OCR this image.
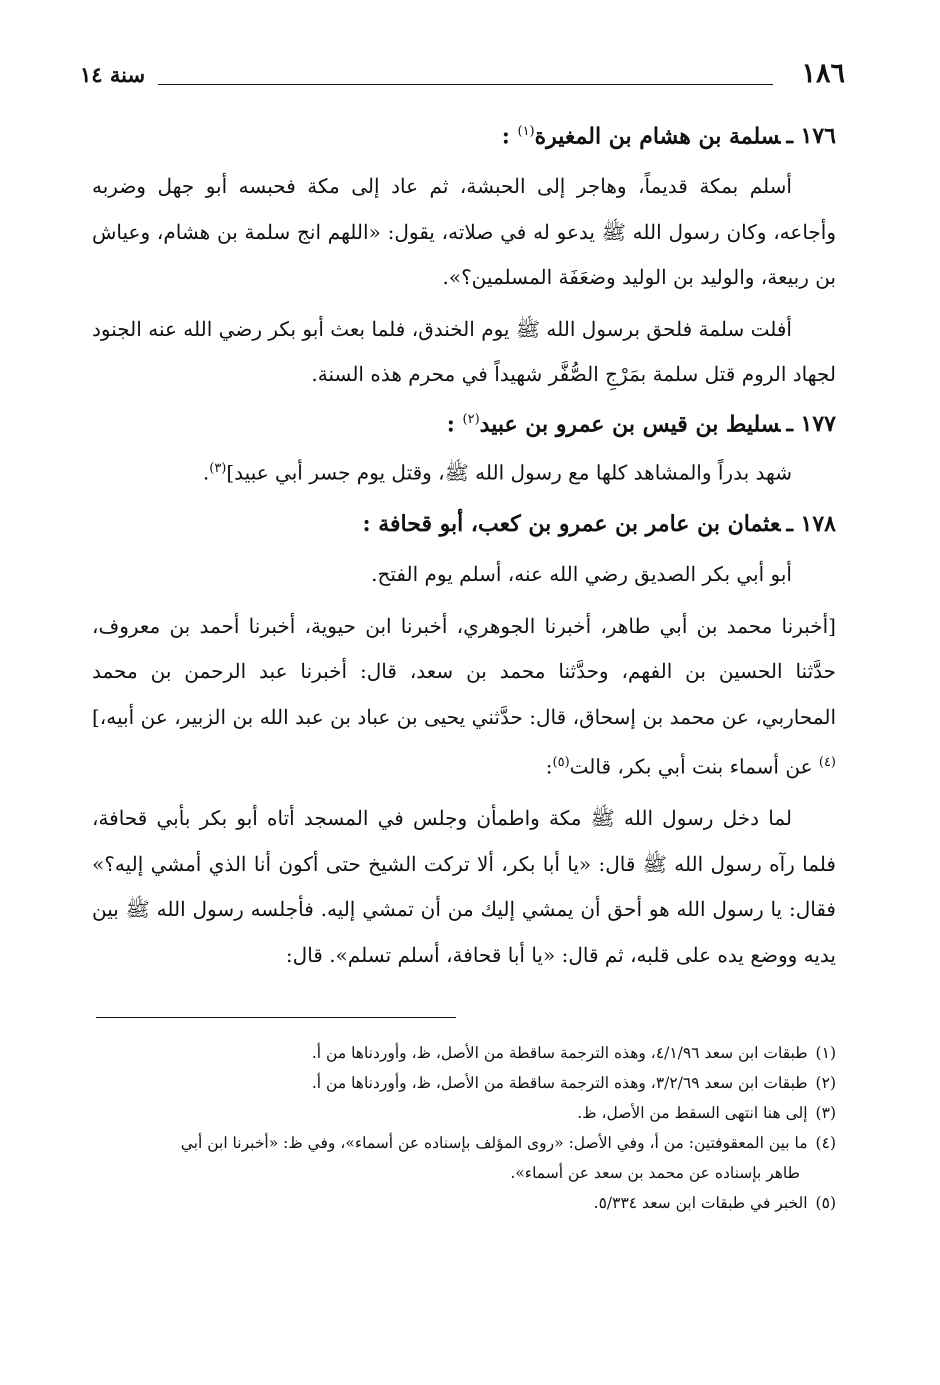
١٨٦
سنة ١٤

١٧٦ ـسلمة بن هشام بن المغيرة$^{(١)}$ :

أسلم بمكة قديماً، وهاجر إلى الحبشة، ثم عاد إلى مكة فحبسه أبو جهل وضربه وأجاعه، وكان رسول الله ﷺ يدعو له في صلاته، يقول: «اللهم انج سلمة بن هشام، وعياش بن ربيعة، والوليد بن الوليد وضعَفَة المسلمين؟».

أفلت سلمة فلحق برسول الله ﷺ يوم الخندق، فلما بعث أبو بكر رضي الله عنه الجنود لجهاد الروم قتل سلمة بمَرْجِ الصُّفَّر شهيداً في محرم هذه السنة.

١٧٧ ـسليط بن قيس بن عمرو بن عبيد$^{(٢)}$ :

شهد بدراً والمشاهد كلها مع رسول الله ﷺ، وقتل يوم جسر أبي عبيد]$^{(٣)}$.

١٧٨ ـعثمان بن عامر بن عمرو بن كعب، أبو قحافة :

أبو أبي بكر الصديق رضي الله عنه، أسلم يوم الفتح.

[أخبرنا محمد بن أبي طاهر، أخبرنا الجوهري، أخبرنا ابن حيوية، أخبرنا أحمد بن معروف، حدَّثنا الحسين بن الفهم، وحدَّثنا محمد بن سعد، قال: أخبرنا عبد الرحمن بن محمد المحاربي، عن محمد بن إسحاق، قال: حدَّثني يحيى بن عباد بن عبد الله بن الزبير، عن أبيه،]$^{(٤)}$ عن أسماء بنت أبي بكر، قالت$^{(٥)}$:

لما دخل رسول الله ﷺ مكة واطمأن وجلس في المسجد أتاه أبو بكر بأبي قحافة، فلما رآه رسول الله ﷺ قال: «يا أبا بكر، ألا تركت الشيخ حتى أكون أنا الذي أمشي إليه؟» فقال: يا رسول الله هو أحق أن يمشي إليك من أن تمشي إليه. فأجلسه رسول الله ﷺ بين يديه ووضع يده على قلبه، ثم قال: «يا أبا قحافة، أسلم تسلم». قال:

(١)طبقات ابن سعد ٤/١/٩٦، وهذه الترجمة ساقطة من الأصل، ظ، وأوردناها من أ.

(٢)طبقات ابن سعد ٣/٢/٦٩، وهذه الترجمة ساقطة من الأصل، ظ، وأوردناها من أ.

(٣)إلى هنا انتهى السقط من الأصل، ظ.

(٤)ما بين المعقوفتين: من أ، وفي الأصل: «روى المؤلف بإسناده عن أسماء»، وفي ظ: «أخبرنا ابن أبي
طاهر بإسناده عن محمد بن سعد عن أسماء».

(٥)الخبر في طبقات ابن سعد ٥/٣٣٤.
